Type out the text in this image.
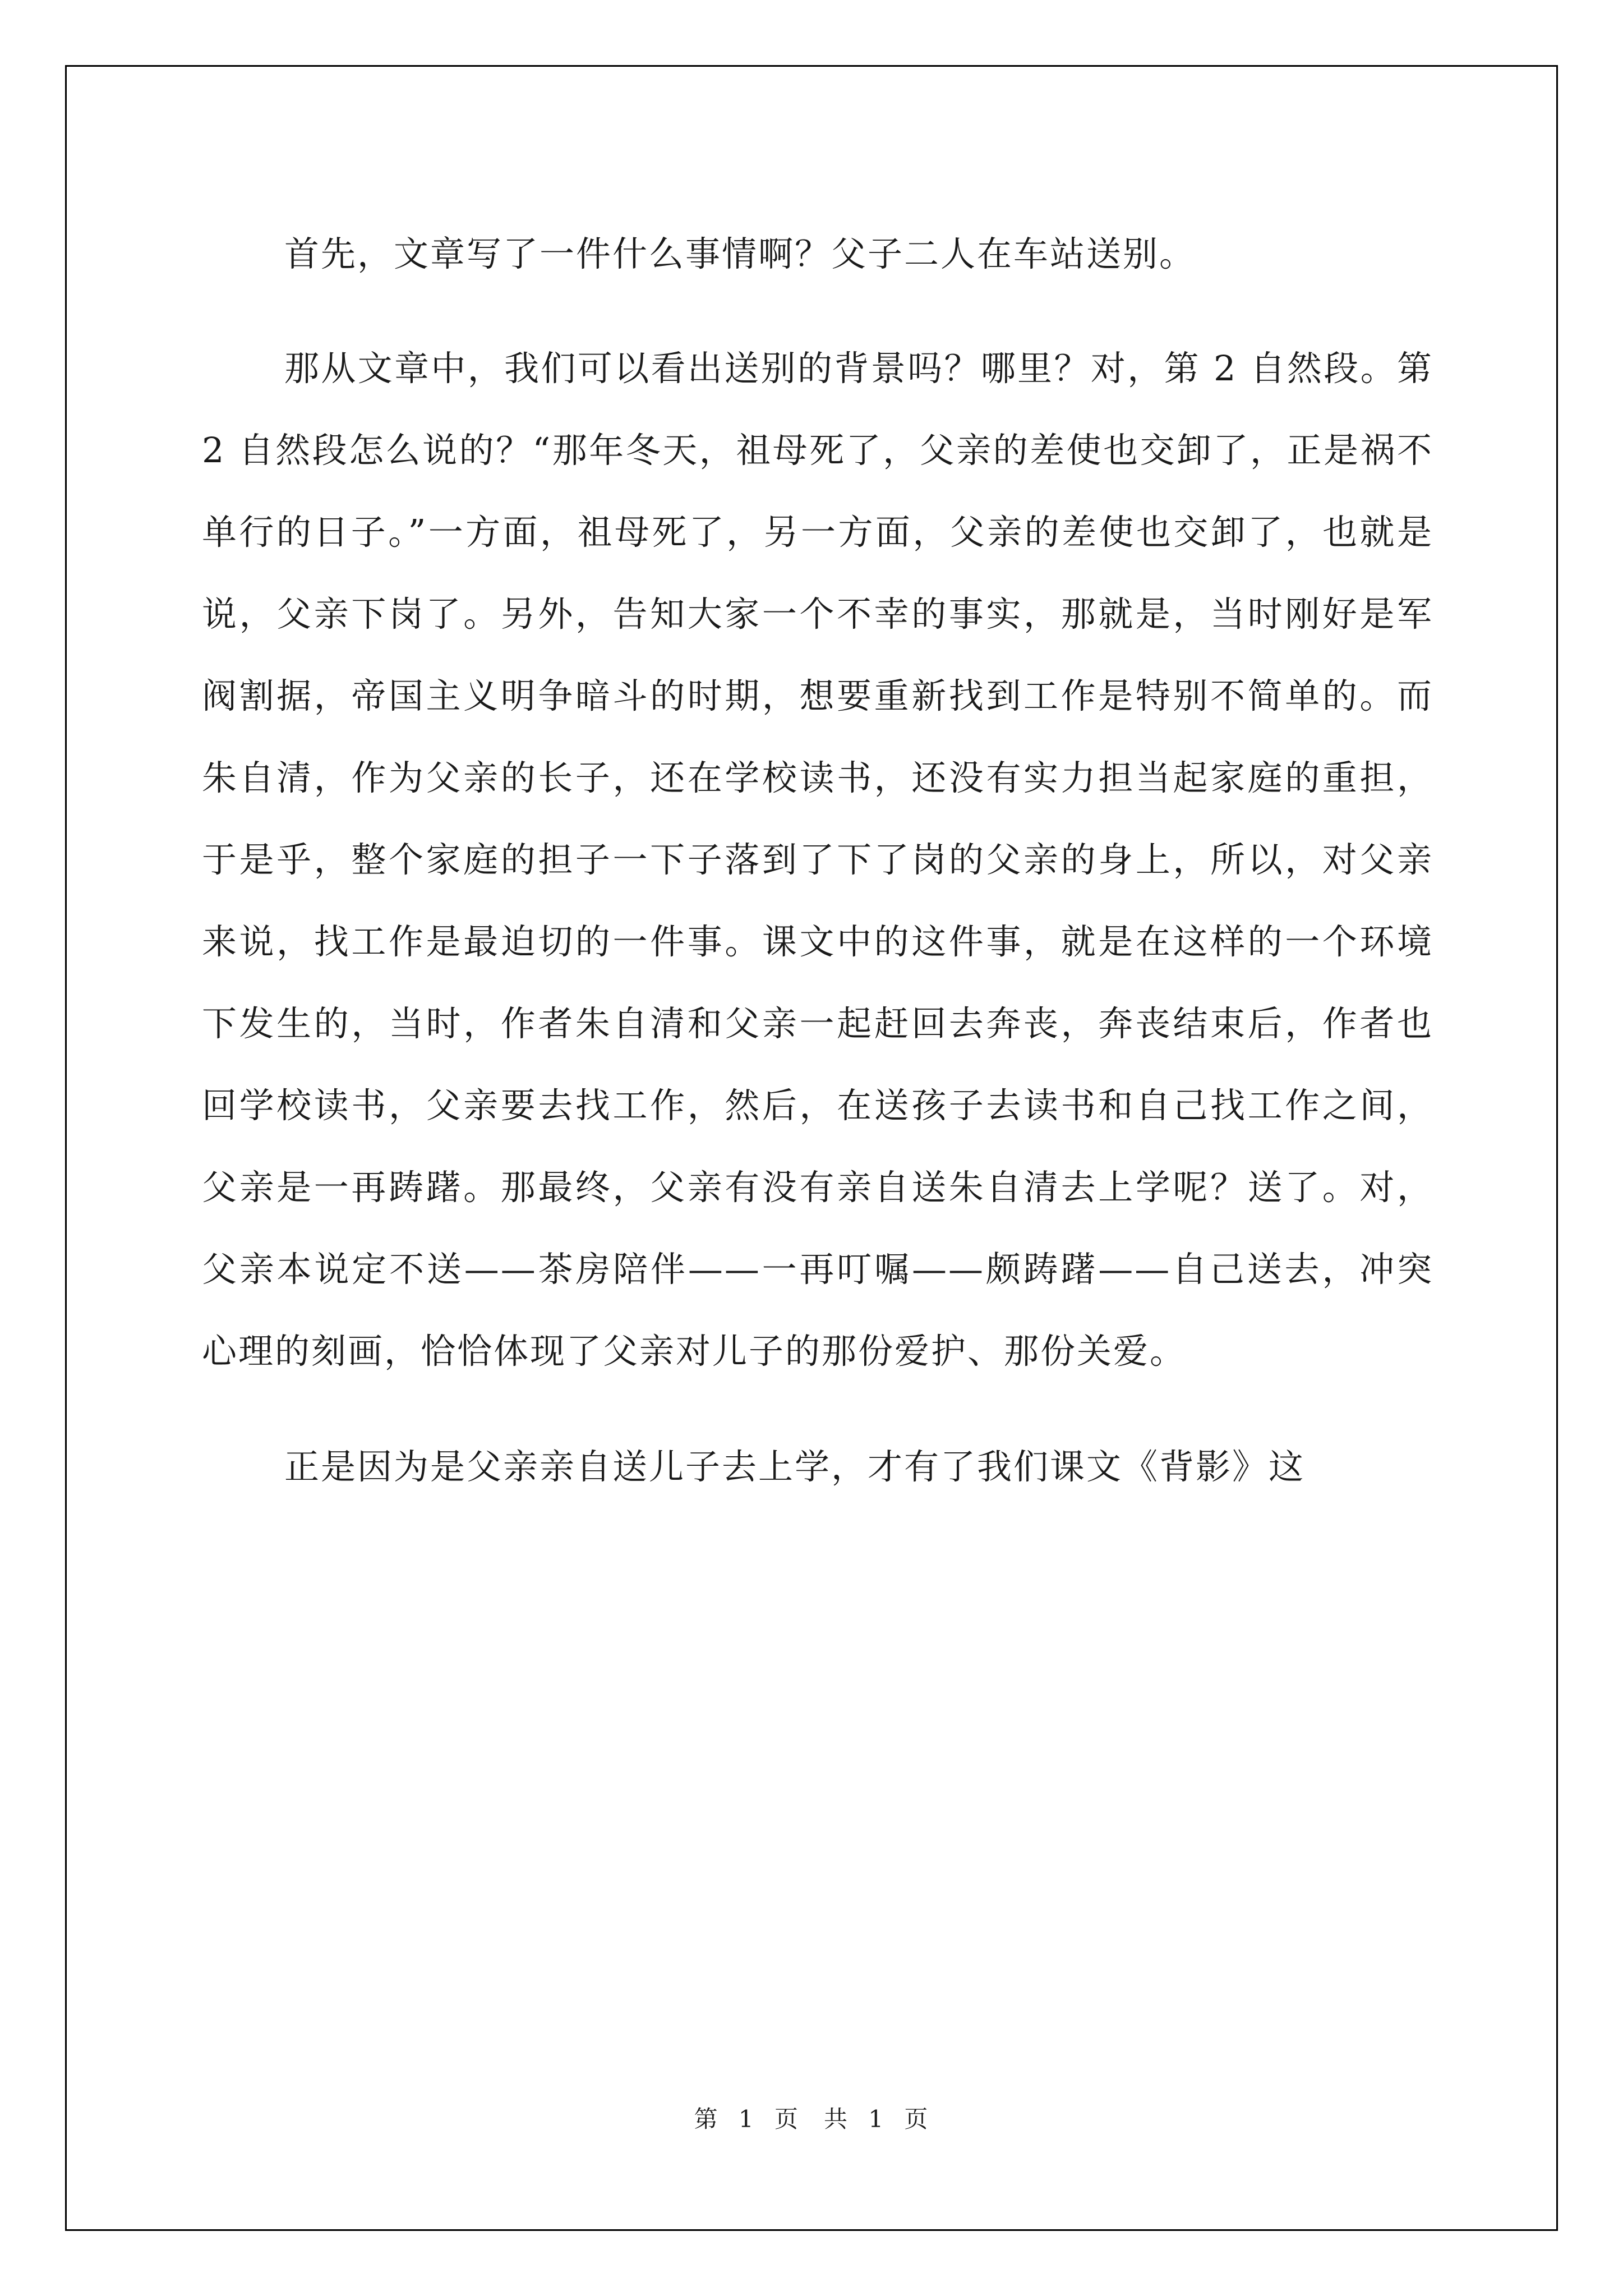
首先，文章写了一件什么事情啊？父子二人在车站送别。

那从文章中，我们可以看出送别的背景吗？哪里？对，第 2 自然段。第 2 自然段怎么说的？“那年冬天，祖母死了，父亲的差使也交卸了，正是祸不单行的日子。”一方面，祖母死了，另一方面，父亲的差使也交卸了，也就是说，父亲下岗了。另外，告知大家一个不幸的事实，那就是，当时刚好是军阀割据，帝国主义明争暗斗的时期，想要重新找到工作是特别不简单的。而朱自清，作为父亲的长子，还在学校读书，还没有实力担当起家庭的重担，于是乎，整个家庭的担子一下子落到了下了岗的父亲的身上，所以，对父亲来说，找工作是最迫切的一件事。课文中的这件事，就是在这样的一个环境下发生的，当时，作者朱自清和父亲一起赶回去奔丧，奔丧结束后，作者也回学校读书，父亲要去找工作，然后，在送孩子去读书和自己找工作之间，父亲是一再踌躇。那最终，父亲有没有亲自送朱自清去上学呢？送了。对，父亲本说定不送——茶房陪伴——一再叮嘱——颇踌躇——自己送去，冲突心理的刻画，恰恰体现了父亲对儿子的那份爱护、那份关爱。

正是因为是父亲亲自送儿子去上学，才有了我们课文《背影》这

第 1 页　共 1 页
